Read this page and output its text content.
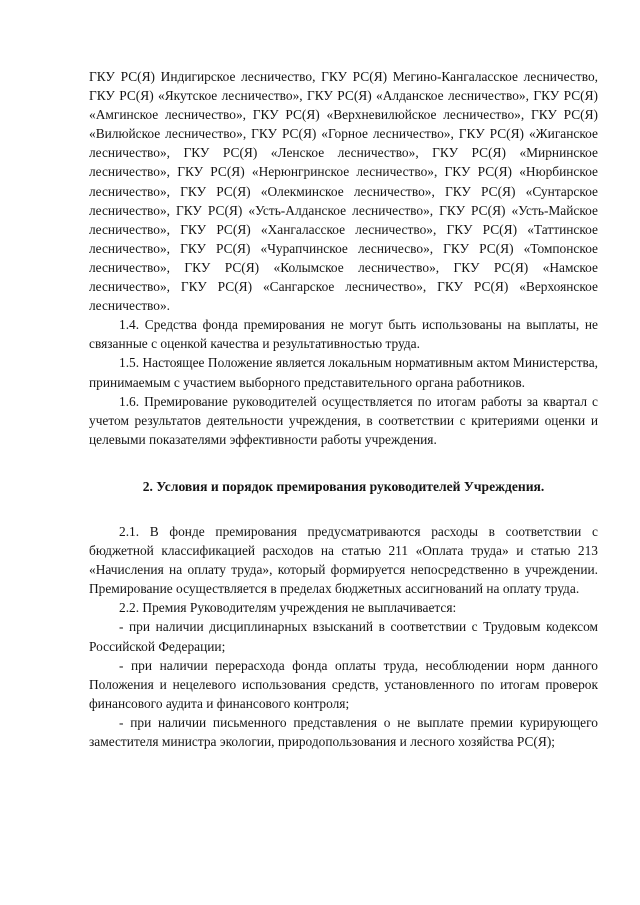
ГКУ РС(Я) Индигирское лесничество, ГКУ РС(Я) Мегино-Кангаласское лесничество, ГКУ РС(Я) «Якутское лесничество», ГКУ РС(Я) «Алданское лесничество», ГКУ РС(Я) «Амгинское лесничество», ГКУ РС(Я) «Верхневилюйское лесничество», ГКУ РС(Я) «Вилюйское лесничество», ГКУ РС(Я) «Горное лесничество», ГКУ РС(Я) «Жиганское лесничество», ГКУ РС(Я) «Ленское лесничество», ГКУ РС(Я) «Мирнинское лесничество», ГКУ РС(Я) «Нерюнгринское лесничество», ГКУ РС(Я) «Нюрбинское лесничество», ГКУ РС(Я) «Олекминское лесничество», ГКУ РС(Я) «Сунтарское лесничество», ГКУ РС(Я) «Усть-Алданское лесничество», ГКУ РС(Я) «Усть-Майское лесничество», ГКУ РС(Я) «Хангаласское лесничество», ГКУ РС(Я) «Таттинское лесничество», ГКУ РС(Я) «Чурапчинское лесничесво», ГКУ РС(Я) «Томпонское лесничество», ГКУ РС(Я) «Колымское лесничество», ГКУ РС(Я) «Намское лесничество», ГКУ РС(Я) «Сангарское лесничество», ГКУ РС(Я) «Верхоянское лесничество».

1.4. Средства фонда премирования не могут быть использованы на выплаты, не связанные с оценкой качества и результативностью труда.

1.5. Настоящее Положение является локальным нормативным актом Министерства, принимаемым с участием выборного представительного органа работников.

1.6. Премирование руководителей осуществляется по итогам работы за квартал с учетом результатов деятельности учреждения, в соответствии с критериями оценки и целевыми показателями эффективности работы учреждения.

2. Условия и порядок премирования руководителей Учреждения.

2.1. В фонде премирования предусматриваются расходы в соответствии с бюджетной классификацией расходов на статью 211 «Оплата труда» и статью 213 «Начисления на оплату труда», который формируется непосредственно в учреждении. Премирование осуществляется в пределах бюджетных ассигнований на оплату труда.

2.2. Премия Руководителям учреждения не выплачивается:

- при наличии дисциплинарных взысканий в соответствии с Трудовым кодексом Российской Федерации;

- при наличии перерасхода фонда оплаты труда, несоблюдении норм данного Положения и нецелевого использования средств, установленного по итогам проверок финансового аудита и финансового контроля;

- при наличии письменного представления о не выплате премии курирующего заместителя министра экологии, природопользования и лесного хозяйства РС(Я);
